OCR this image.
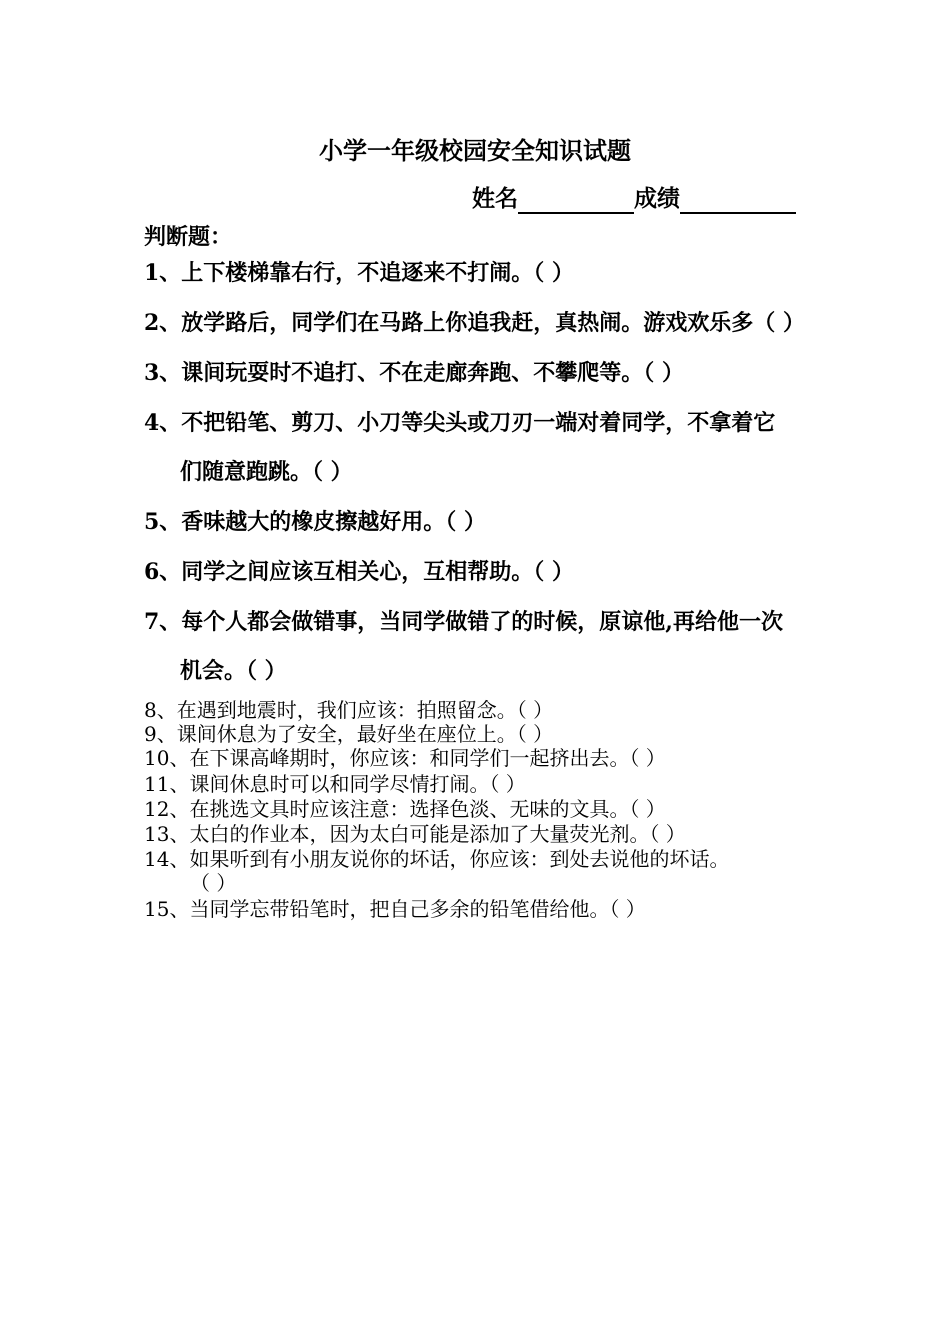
小学一年级校园安全知识试题
姓名	成绩
判断题：
1、上下楼梯靠右行，不追逐来不打闹。（ ）
2、放学路后，同学们在马路上你追我赶，真热闹。游戏欢乐多（ ）
3、课间玩耍时不追打、不在走廊奔跑、不攀爬等。（ ）
4、不把铅笔、剪刀、小刀等尖头或刀刃一端对着同学，不拿着它
们随意跑跳。（ ）
5、香味越大的橡皮擦越好用。（ ）
6、同学之间应该互相关心，互相帮助。（ ）
7、每个人都会做错事，当同学做错了的时候，原谅他,再给他一次
机会。（ ）
8、在遇到地震时，我们应该：拍照留念。（ ）
9、课间休息为了安全，最好坐在座位上。（ ）
10、在下课高峰期时，你应该：和同学们一起挤出去。（ ）
11、课间休息时可以和同学尽情打闹。（ ）
12、在挑选文具时应该注意：选择色淡、无味的文具。（ ）
13、太白的作业本，因为太白可能是添加了大量荧光剂。（ ）
14、如果听到有小朋友说你的坏话，你应该：到处去说他的坏话。
（ ）
15、当同学忘带铅笔时，把自己多余的铅笔借给他。（ ）
